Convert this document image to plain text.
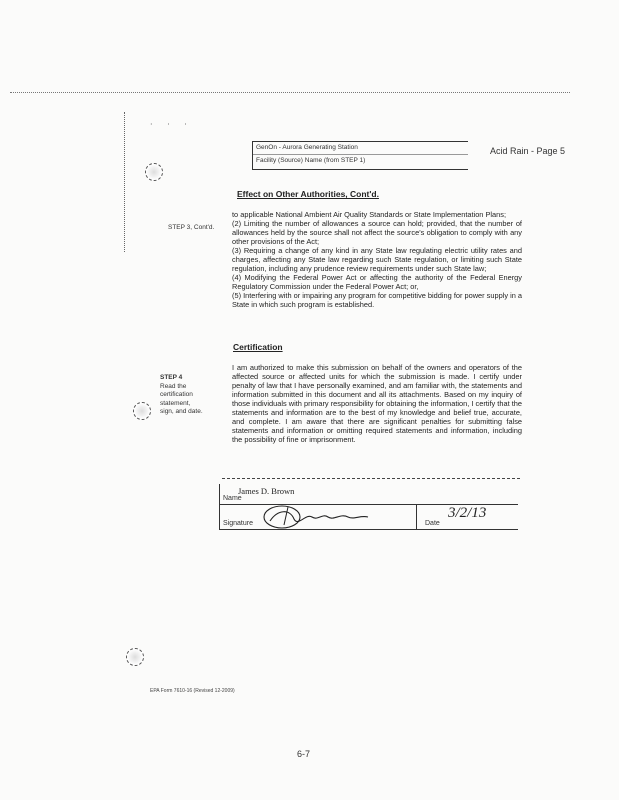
· · ·
GenOn - Aurora Generating Station
Facility (Source) Name (from STEP 1)
Acid Rain - Page 5
Effect on Other Authorities, Cont'd.
STEP 3, Cont'd.

to applicable National Ambient Air Quality Standards or State Implementation Plans;

(2) Limiting the number of allowances a source can hold; provided, that the number of allowances held by the source shall not affect the source's obligation to comply with any other provisions of the Act;

(3) Requiring a change of any kind in any State law regulating electric utility rates and charges, affecting any State law regarding such State regulation, or limiting such State regulation, including any prudence review requirements under such State law;

(4) Modifying the Federal Power Act or affecting the authority of the Federal Energy Regulatory Commission under the Federal Power Act; or,

(5) Interfering with or impairing any program for competitive bidding for power supply in a State in which such program is established.

Certification
STEP 4
Read the
certification
statement,
sign, and date.

I am authorized to make this submission on behalf of the owners and operators of the affected source or affected units for which the submission is made. I certify under penalty of law that I have personally examined, and am familiar with, the statements and information submitted in this document and all its attachments. Based on my inquiry of those individuals with primary responsibility for obtaining the information, I certify that the statements and information are to the best of my knowledge and belief true, accurate, and complete. I am aware that there are significant penalties for submitting false statements and information or omitting required statements and information, including the possibility of fine or imprisonment.

Name
James D. Brown
Signature	Date
3/2/13
EPA Form 7610-16 (Revised 12-2009)
6-7
